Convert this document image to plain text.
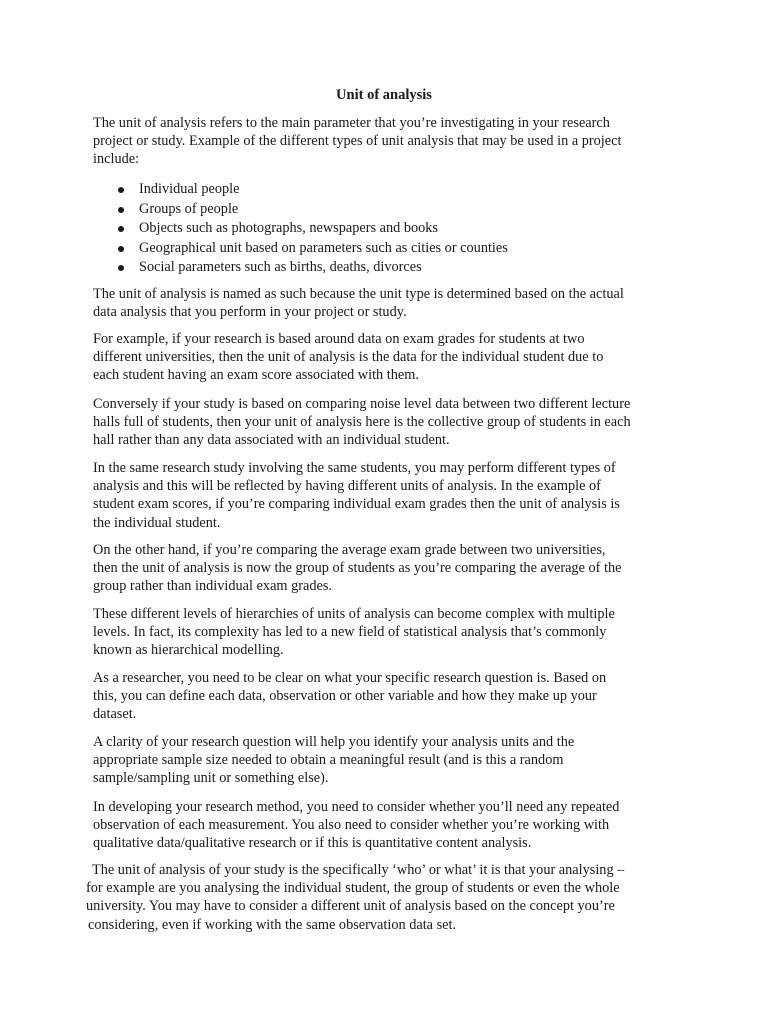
Unit of analysis

The unit of analysis refers to the main parameter that you’re investigating in your research
project or study. Example of the different types of unit analysis that may be used in a project
include:

Individual people
Groups of people
Objects such as photographs, newspapers and books
Geographical unit based on parameters such as cities or counties
Social parameters such as births, deaths, divorces

The unit of analysis is named as such because the unit type is determined based on the actual
data analysis that you perform in your project or study.

For example, if your research is based around data on exam grades for students at two
different universities, then the unit of analysis is the data for the individual student due to
each student having an exam score associated with them.

Conversely if your study is based on comparing noise level data between two different lecture
halls full of students, then your unit of analysis here is the collective group of students in each
hall rather than any data associated with an individual student.

In the same research study involving the same students, you may perform different types of
analysis and this will be reflected by having different units of analysis. In the example of
student exam scores, if you’re comparing individual exam grades then the unit of analysis is
the individual student.

On the other hand, if you’re comparing the average exam grade between two universities,
then the unit of analysis is now the group of students as you’re comparing the average of the
group rather than individual exam grades.

These different levels of hierarchies of units of analysis can become complex with multiple
levels. In fact, its complexity has led to a new field of statistical analysis that’s commonly
known as hierarchical modelling.

As a researcher, you need to be clear on what your specific research question is. Based on
this, you can define each data, observation or other variable and how they make up your
dataset.

A clarity of your research question will help you identify your analysis units and the
appropriate sample size needed to obtain a meaningful result (and is this a random
sample/sampling unit or something else).

In developing your research method, you need to consider whether you’ll need any repeated
observation of each measurement. You also need to consider whether you’re working with
qualitative data/qualitative research or if this is quantitative content analysis.

The unit of analysis of your study is the specifically ‘who’ or what’ it is that your analysing –
for example are you analysing the individual student, the group of students or even the whole
university. You may have to consider a different unit of analysis based on the concept you’re
considering, even if working with the same observation data set.
